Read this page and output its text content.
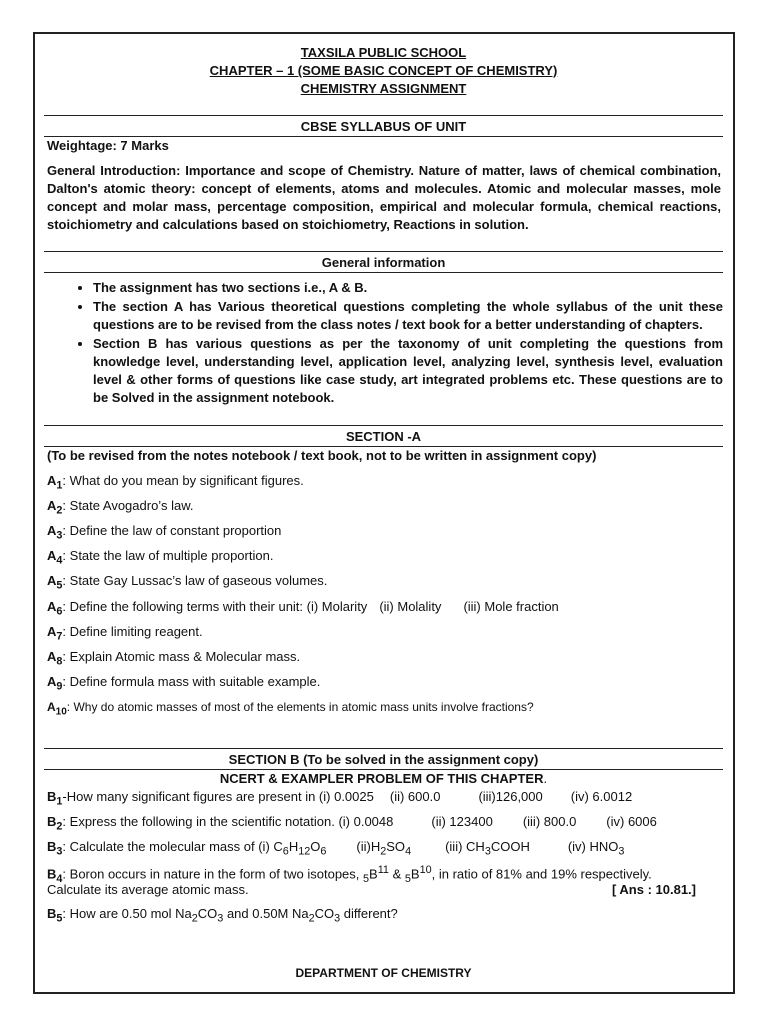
TAXSILA PUBLIC SCHOOL
CHAPTER – 1 (SOME BASIC CONCEPT OF CHEMISTRY)
CHEMISTRY ASSIGNMENT
CBSE SYLLABUS OF UNIT
Weightage: 7 Marks
General Introduction: Importance and scope of Chemistry. Nature of matter, laws of chemical combination, Dalton's atomic theory: concept of elements, atoms and molecules. Atomic and molecular masses, mole concept and molar mass, percentage composition, empirical and molecular formula, chemical reactions, stoichiometry and calculations based on stoichiometry, Reactions in solution.
General information
• The assignment has two sections i.e., A & B.
• The section A has Various theoretical questions completing the whole syllabus of the unit these questions are to be revised from the class notes / text book for a better understanding of chapters.
• Section B has various questions as per the taxonomy of unit completing the questions from knowledge level, understanding level, application level, analyzing level, synthesis level, evaluation level & other forms of questions like case study, art integrated problems etc. These questions are to be Solved in the assignment notebook.
SECTION -A
(To be revised from the notes notebook / text book, not to be written in assignment copy)
$A_1$: What do you mean by significant figures.
$A_2$: State Avogadro’s law.
$A_3$: Define the law of constant proportion
$A_4$: State the law of multiple proportion.
$A_5$: State Gay Lussac’s law of gaseous volumes.
$A_6$: Define the following terms with their unit: (i) Molarity (ii) Molality (iii) Mole fraction
$A_7$: Define limiting reagent.
$A_8$: Explain Atomic mass & Molecular mass.
$A_9$: Define formula mass with suitable example.
$A_{10}$: Why do atomic masses of most of the elements in atomic mass units involve fractions?
SECTION B (To be solved in the assignment copy)
NCERT & EXAMPLER PROBLEM OF THIS CHAPTER.
$B_1$-How many significant figures are present in (i) 0.0025 (ii) 600.0	(iii)126,000 (iv) 6.0012
$B_2$: Express the following in the scientific notation. (i) 0.0048	(ii) 123400 (iii) 800.0 (iv) 6006
$B_3$: Calculate the molecular mass of (i) $C_6H_{12}O_6$ $(ii)H_2SO_4$	(iii) $CH_3COOH$	(iv) $HNO_3$
$B_4$: Boron occurs in nature in the form of two isotopes, $_5B^{11}$ & $_5B^{10}$, in ratio of 81% and 19% respectively.
Calculate its average atomic mass.	[ Ans : 10.81.]
$B_5$: How are 0.50 mol $Na_2CO_3$ and 0.50M $Na_2CO_3$ different?
DEPARTMENT OF CHEMISTRY
